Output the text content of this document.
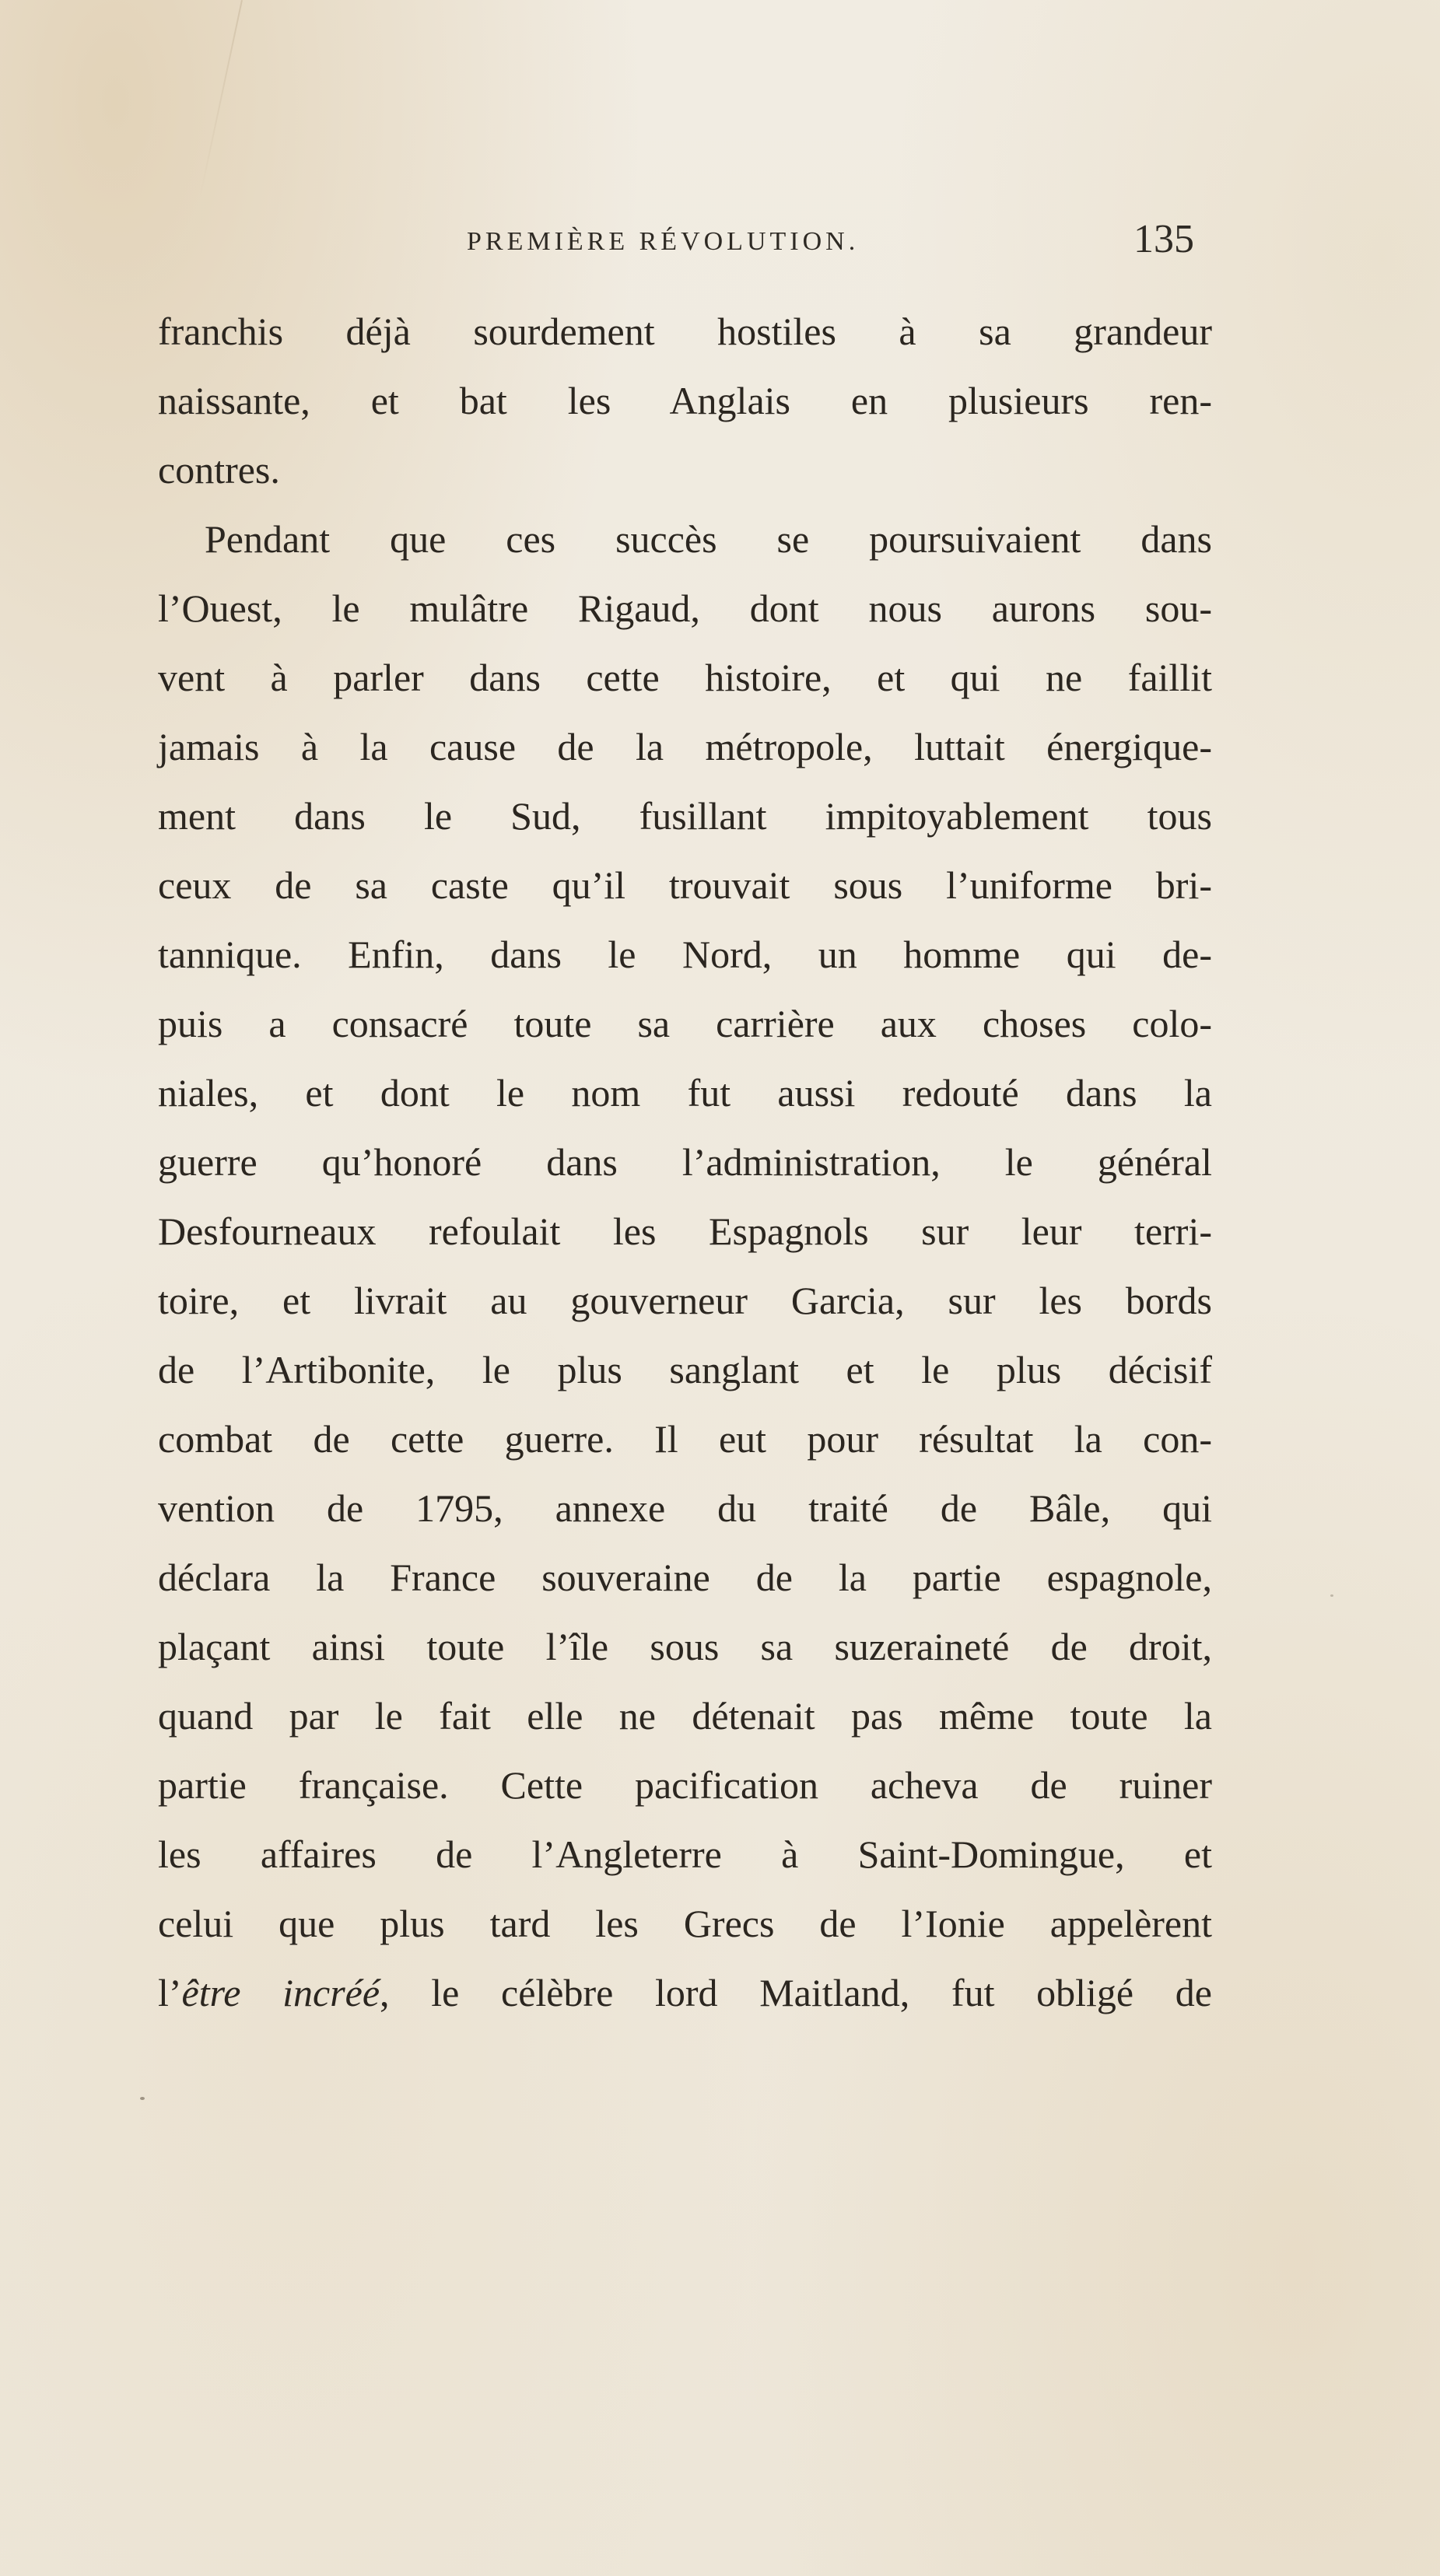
PREMIÈRE RÉVOLUTION.	135
franchis déjà sourdement hostiles à sa grandeur
naissante, et bat les Anglais en plusieurs ren-
contres.
Pendant que ces succès se poursuivaient dans
l’Ouest, le mulâtre Rigaud, dont nous aurons sou-
vent à parler dans cette histoire, et qui ne faillit
jamais à la cause de la métropole, luttait énergique-
ment dans le Sud, fusillant impitoyablement tous
ceux de sa caste qu’il trouvait sous l’uniforme bri-
tannique. Enfin, dans le Nord, un homme qui de-
puis a consacré toute sa carrière aux choses colo-
niales, et dont le nom fut aussi redouté dans la
guerre qu’honoré dans l’administration, le général
Desfourneaux refoulait les Espagnols sur leur terri-
toire, et livrait au gouverneur Garcia, sur les bords
de l’Artibonite, le plus sanglant et le plus décisif
combat de cette guerre. Il eut pour résultat la con-
vention de 1795, annexe du traité de Bâle, qui
déclara la France souveraine de la partie espagnole,
plaçant ainsi toute l’île sous sa suzeraineté de droit,
quand par le fait elle ne détenait pas même toute la
partie française. Cette pacification acheva de ruiner
les affaires de l’Angleterre à Saint-Domingue, et
celui que plus tard les Grecs de l’Ionie appelèrent
l’être incréé, le célèbre lord Maitland, fut obligé de
